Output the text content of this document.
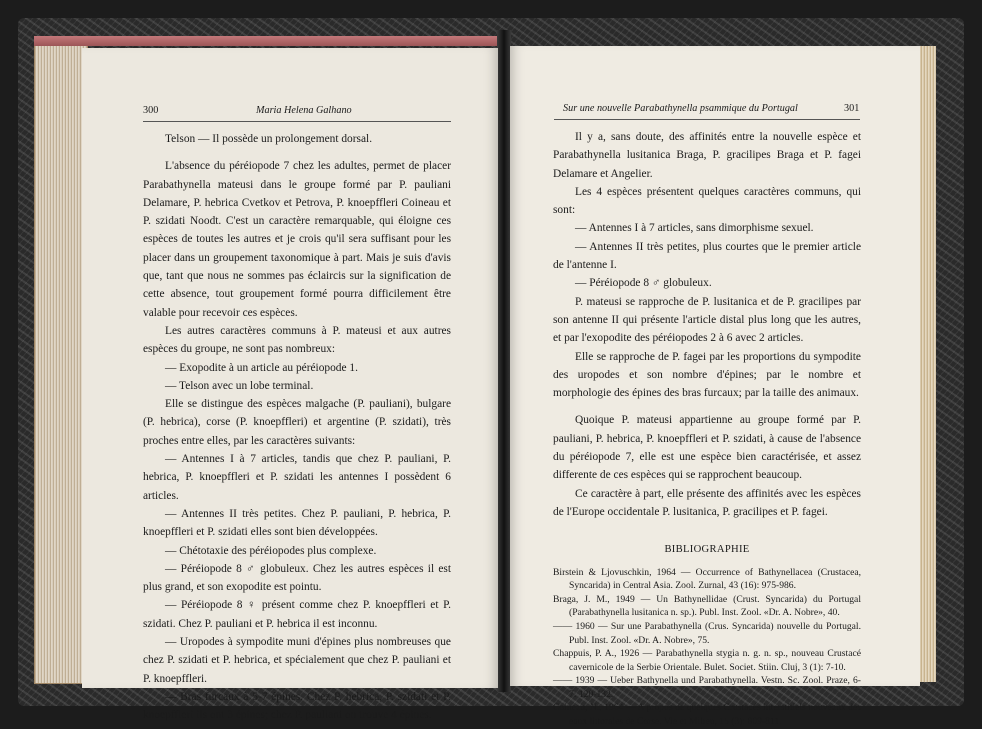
300	Maria Helena Galhano

Telson — Il possède un prolongement dorsal.

L'absence du péréiopode 7 chez les adultes, permet de placer Parabathynella mateusi dans le groupe formé par P. pauliani Delamare, P. hebrica Cvetkov et Petrova, P. knoepffleri Coineau et P. szidati Noodt. C'est un caractère remarquable, qui éloigne ces espèces de toutes les autres et je crois qu'il sera suffisant pour les placer dans un groupement taxonomique à part. Mais je suis d'avis que, tant que nous ne sommes pas éclaircis sur la signification de cette absence, tout groupement formé pourra difficilement être valable pour recevoir ces espèces.

Les autres caractères communs à P. mateusi et aux autres espèces du groupe, ne sont pas nombreux:

— Exopodite à un article au péréiopode 1.

— Telson avec un lobe terminal.

Elle se distingue des espèces malgache (P. pauliani), bulgare (P. hebrica), corse (P. knoepffleri) et argentine (P. szidati), très proches entre elles, par les caractères suivants:

— Antennes I à 7 articles, tandis que chez P. pauliani, P. hebrica, P. knoepffleri et P. szidati les antennes I possèdent 6 articles.

— Antennes II très petites. Chez P. pauliani, P. hebrica, P. knoepffleri et P. szidati elles sont bien développées.

— Chétotaxie des péréiopodes plus complexe.

— Péréiopode 8 ♂ globuleux. Chez les autres espèces il est plus grand, et son exopodite est pointu.

— Péréiopode 8 ♀ présent comme chez P. knoepffleri et P. szidati. Chez P. pauliani et P. hebrica il est inconnu.

— Uropodes à sympodite muni d'épines plus nombreuses que chez P. szidati et P. hebrica, et spécialement que chez P. pauliani et P. knoepffleri.

— Bras furcaux à 5-7 épines. Chez P. hebrica, P. szidati et P. knoepffleri ils ont 3 épines; chez P. pauliani on trouve 4 épines.

Sur une nouvelle Parabathynella psammique du Portugal	301

Il y a, sans doute, des affinités entre la nouvelle espèce et Parabathynella lusitanica Braga, P. gracilipes Braga et P. fagei Delamare et Angelier.

Les 4 espèces présentent quelques caractères communs, qui sont:

— Antennes I à 7 articles, sans dimorphisme sexuel.

— Antennes II très petites, plus courtes que le premier article de l'antenne I.

— Péréiopode 8 ♂ globuleux.

P. mateusi se rapproche de P. lusitanica et de P. gracilipes par son antenne II qui présente l'article distal plus long que les autres, et par l'exopodite des péréiopodes 2 à 6 avec 2 articles.

Elle se rapproche de P. fagei par les proportions du sympodite des uropodes et son nombre d'épines; par le nombre et morphologie des épines des bras furcaux; par la taille des animaux.

Quoique P. mateusi appartienne au groupe formé par P. pauliani, P. hebrica, P. knoepffleri et P. szidati, à cause de l'absence du péréiopode 7, elle est une espèce bien caractérisée, et assez differente de ces espèces qui se rapprochent beaucoup.

Ce caractère à part, elle présente des affinités avec les espèces de l'Europe occidentale P. lusitanica, P. gracilipes et P. fagei.

BIBLIOGRAPHIE

Birstein & Ljovuschkin, 1964 — Occurrence of Bathynellacea (Crustacea, Syncarida) in Central Asia. Zool. Zurnal, 43 (16): 975-986.

Braga, J. M., 1949 — Un Bathynellidae (Crust. Syncarida) du Portugal (Parabathynella lusitanica n. sp.). Publ. Inst. Zool. «Dr. A. Nobre», 40.

—— 1960 — Sur une Parabathynella (Crus. Syncarida) nouvelle du Portugal. Publ. Inst. Zool. «Dr. A. Nobre», 75.

Chappuis, P. A., 1926 — Parabathynella stygia n. g. n. sp., nouveau Crustacé cavernicole de la Serbie Orientale. Bulet. Societ. Stiin. Cluj, 3 (1): 7-10.

—— 1939 — Ueber Bathynella und Parabathynella. Vestn. Sc. Zool. Praze, 6-7: 120-132.

Coineau, N., 1964 — A propos de quelques Crustacés interstitiels nouveaux des eaux littorales de Corse. Vie et Milieu, 15 (3): 809-811.
